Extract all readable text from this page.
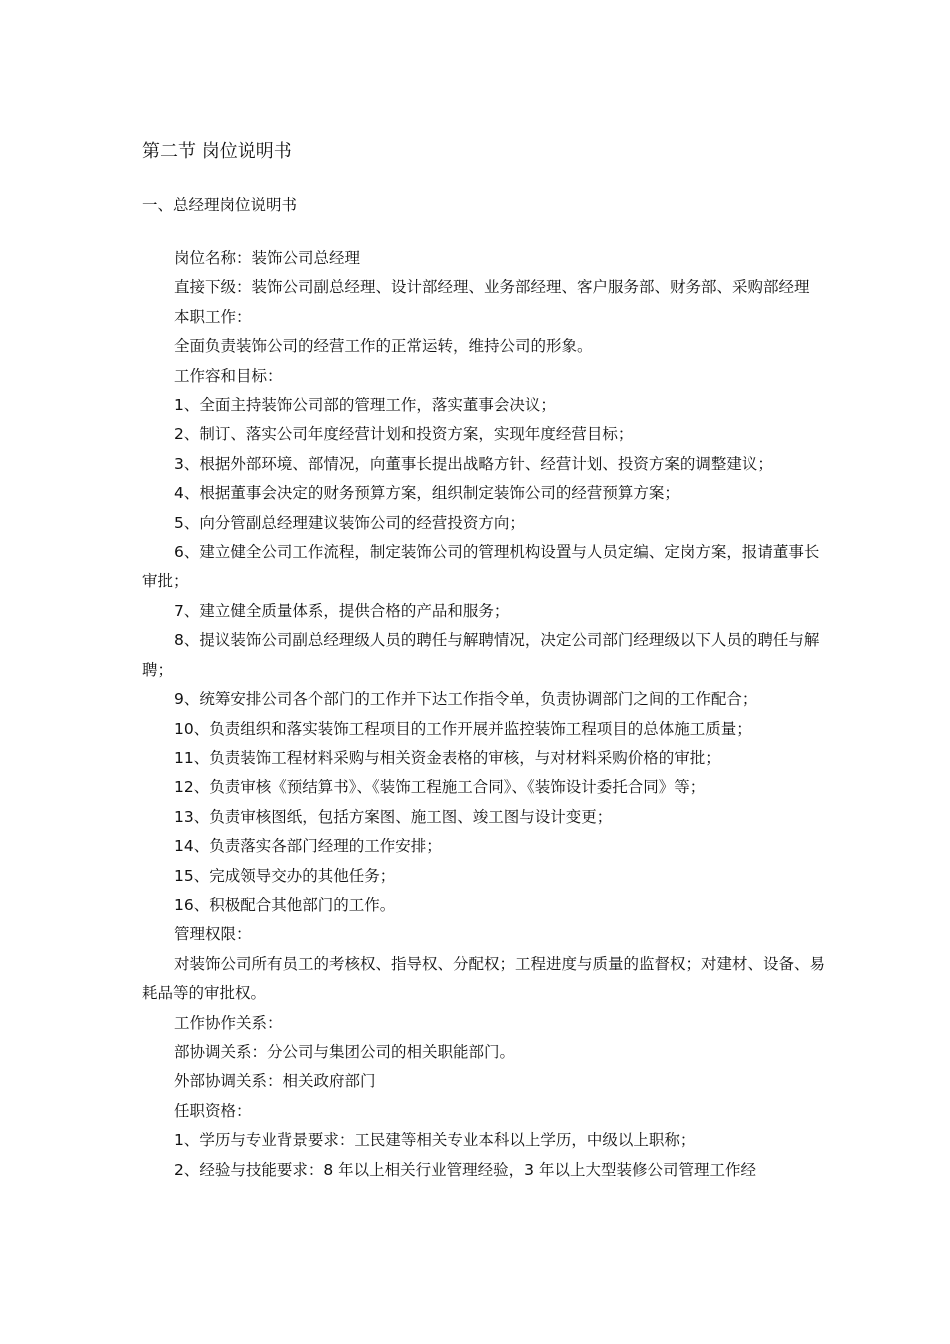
第二节 岗位说明书
一、总经理岗位说明书

岗位名称：装饰公司总经理

直接下级：装饰公司副总经理、设计部经理、业务部经理、客户服务部、财务部、采购部经理

本职工作：

全面负责装饰公司的经营工作的正常运转，维持公司的形象。

工作容和目标：

1、全面主持装饰公司部的管理工作，落实董事会决议；

2、制订、落实公司年度经营计划和投资方案，实现年度经营目标；

3、根据外部环境、部情况，向董事长提出战略方针、经营计划、投资方案的调整建议；

4、根据董事会决定的财务预算方案，组织制定装饰公司的经营预算方案；

5、向分管副总经理建议装饰公司的经营投资方向；

6、建立健全公司工作流程，制定装饰公司的管理机构设置与人员定编、定岗方案，报请董事长审批；

7、建立健全质量体系，提供合格的产品和服务；

8、提议装饰公司副总经理级人员的聘任与解聘情况，决定公司部门经理级以下人员的聘任与解聘；

9、统筹安排公司各个部门的工作并下达工作指令单，负责协调部门之间的工作配合；

10、负责组织和落实装饰工程项目的工作开展并监控装饰工程项目的总体施工质量；

11、负责装饰工程材料采购与相关资金表格的审核，与对材料采购价格的审批；

12、负责审核《预结算书》、《装饰工程施工合同》、《装饰设计委托合同》等；

13、负责审核图纸，包括方案图、施工图、竣工图与设计变更；

14、负责落实各部门经理的工作安排；

15、完成领导交办的其他任务；

16、积极配合其他部门的工作。

管理权限：

对装饰公司所有员工的考核权、指导权、分配权；工程进度与质量的监督权；对建材、设备、易耗品等的审批权。

工作协作关系：

部协调关系：分公司与集团公司的相关职能部门。

外部协调关系：相关政府部门

任职资格：

1、学历与专业背景要求：工民建等相关专业本科以上学历，中级以上职称；

2、经验与技能要求：8 年以上相关行业管理经验，3 年以上大型装修公司管理工作经
